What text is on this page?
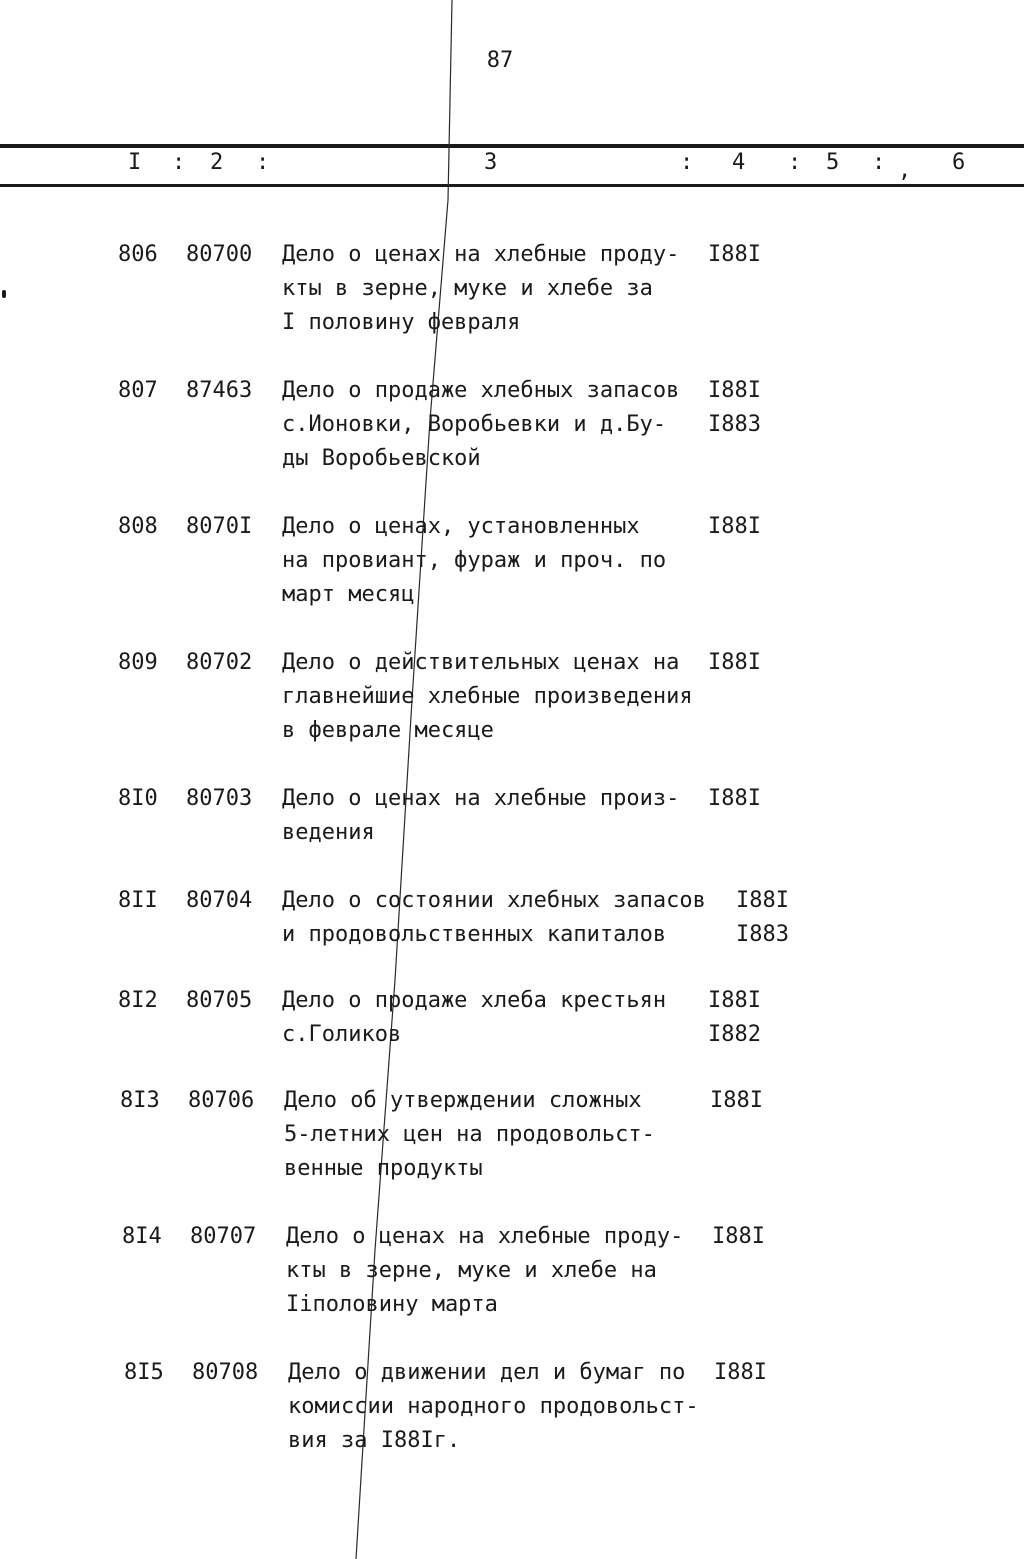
87
I : 2 :	3	: 4 : 5 : , 6
806	80700	Дело о ценах на хлебные проду-
кты в зерне, муке и хлебе за
I половину февраля
I88I
807	87463	Дело о продаже хлебных запасов
с.Ионовки, Воробьевки и д.Бу-
ды Воробьевской
I88I
I883
808	8070I	Дело о ценах, установленных
на провиант, фураж и проч. по
март месяц
I88I
809	80702	Дело о действительных ценах на
главнейшие хлебные произведения
в феврале месяце
I88I
8I0	80703	Дело о ценах на хлебные произ-
ведения
I88I
8II	80704	Дело о состоянии хлебных запасов
и продовольственных капиталов
I88I
I883
8I2	80705	Дело о продаже хлеба крестьян
с.Голиков
I88I
I882
8I3	80706	Дело об утверждении сложных
5-летних цен на продовольст-
венные продукты
I88I
8I4	80707	Дело о ценах на хлебные проду-
кты в зерне, муке и хлебе на
Iiполовину марта
I88I
8I5	80708	Дело о движении дел и бумаг по
комиссии народного продовольст-
вия за I88Iг.
I88I
